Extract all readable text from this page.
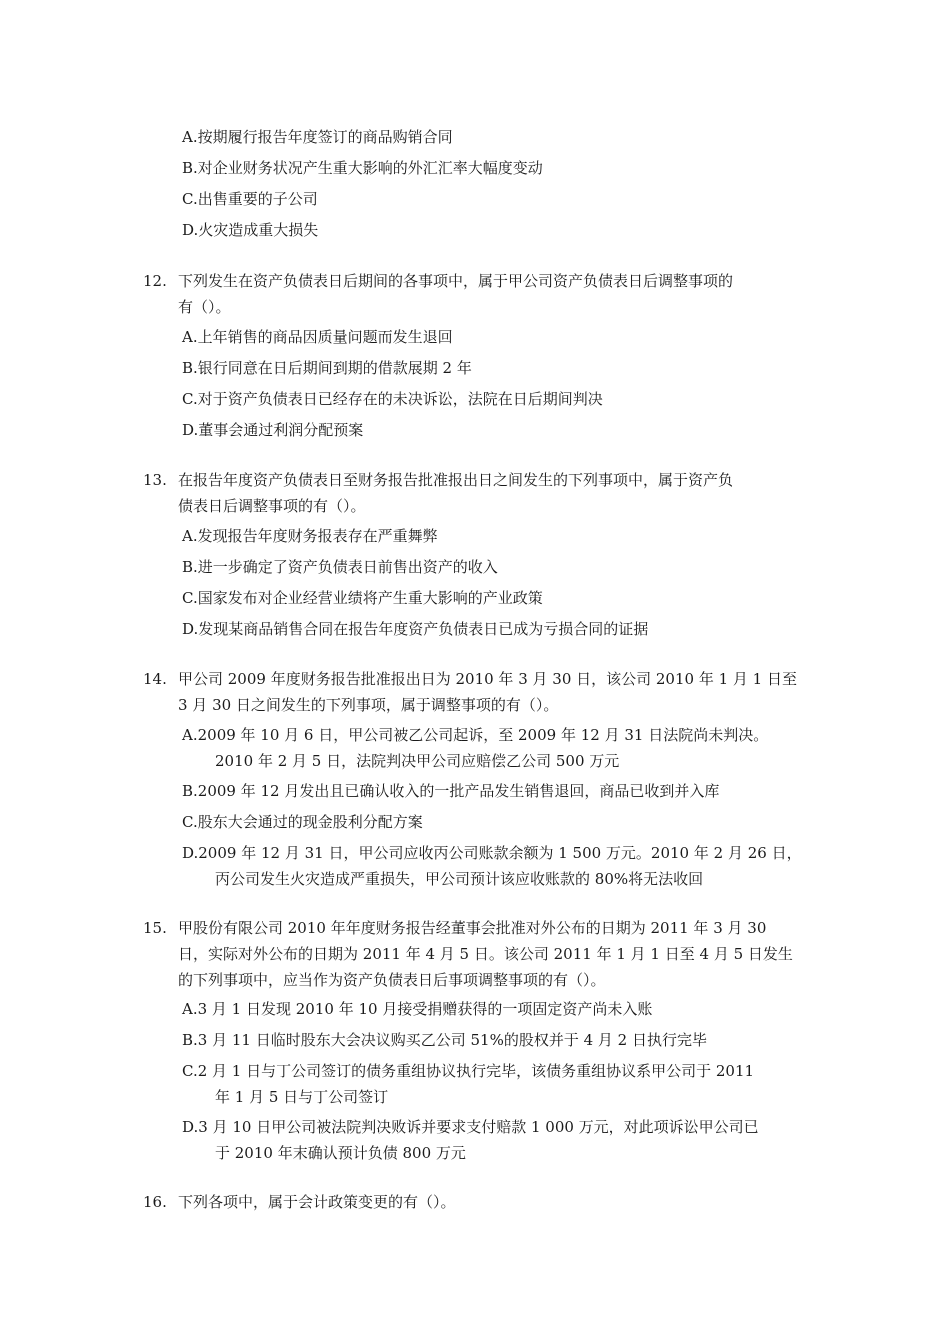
A.按期履行报告年度签订的商品购销合同
B.对企业财务状况产生重大影响的外汇汇率大幅度变动
C.出售重要的子公司
D.火灾造成重大损失
12. 下列发生在资产负债表日后期间的各事项中，属于甲公司资产负债表日后调整事项的
有（）。
A.上年销售的商品因质量问题而发生退回
B.银行同意在日后期间到期的借款展期 2 年
C.对于资产负债表日已经存在的未决诉讼，法院在日后期间判决
D.董事会通过利润分配预案
13. 在报告年度资产负债表日至财务报告批准报出日之间发生的下列事项中，属于资产负
债表日后调整事项的有（）。
A.发现报告年度财务报表存在严重舞弊
B.进一步确定了资产负债表日前售出资产的收入
C.国家发布对企业经营业绩将产生重大影响的产业政策
D.发现某商品销售合同在报告年度资产负债表日已成为亏损合同的证据
14. 甲公司 2009 年度财务报告批准报出日为 2010 年 3 月 30 日，该公司 2010 年 1 月 1 日至
3 月 30 日之间发生的下列事项，属于调整事项的有（）。
A.2009 年 10 月 6 日，甲公司被乙公司起诉，至 2009 年 12 月 31 日法院尚未判决。
2010 年 2 月 5 日，法院判决甲公司应赔偿乙公司 500 万元
B.2009 年 12 月发出且已确认收入的一批产品发生销售退回，商品已收到并入库
C.股东大会通过的现金股利分配方案
D.2009 年 12 月 31 日，甲公司应收丙公司账款余额为 1 500 万元。2010 年 2 月 26 日，
丙公司发生火灾造成严重损失，甲公司预计该应收账款的 80%将无法收回
15. 甲股份有限公司 2010 年年度财务报告经董事会批准对外公布的日期为 2011 年 3 月 30
日，实际对外公布的日期为 2011 年 4 月 5 日。该公司 2011 年 1 月 1 日至 4 月 5 日发生
的下列事项中，应当作为资产负债表日后事项调整事项的有（）。
A.3 月 1 日发现 2010 年 10 月接受捐赠获得的一项固定资产尚未入账
B.3 月 11 日临时股东大会决议购买乙公司 51%的股权并于 4 月 2 日执行完毕
C.2 月 1 日与丁公司签订的债务重组协议执行完毕，该债务重组协议系甲公司于 2011
年 1 月 5 日与丁公司签订
D.3 月 10 日甲公司被法院判决败诉并要求支付赔款 1 000 万元，对此项诉讼甲公司已
于 2010 年末确认预计负债 800 万元
16. 下列各项中，属于会计政策变更的有（）。
